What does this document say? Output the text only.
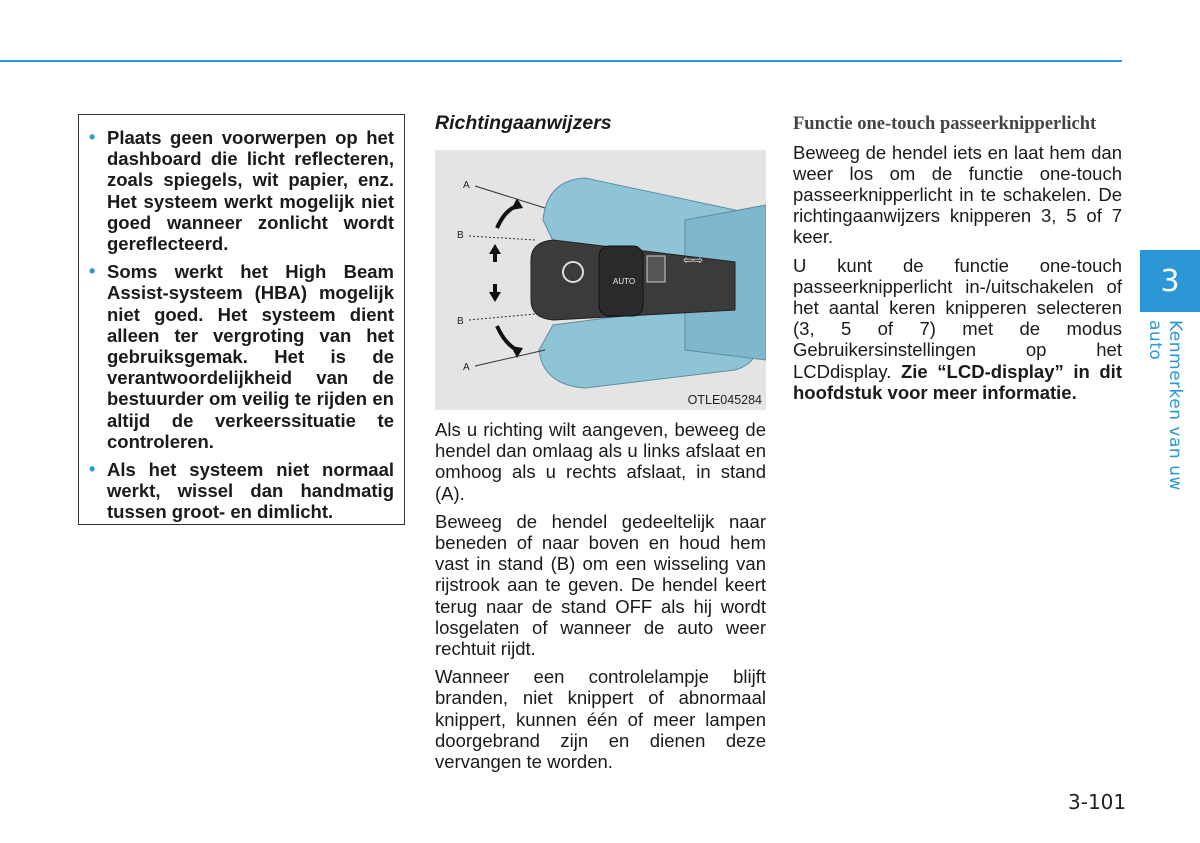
• Plaats geen voorwerpen op het dashboard die licht reflecteren, zoals spiegels, wit papier, enz. Het systeem werkt mogelijk niet goed wanneer zonlicht wordt gereflecteerd.
• Soms werkt het High Beam Assist-systeem (HBA) mogelijk niet goed. Het systeem dient alleen ter vergroting van het gebruiksgemak. Het is de verantwoordelijkheid van de bestuurder om veilig te rijden en altijd de verkeerssituatie te controleren.
• Als het systeem niet normaal werkt, wissel dan handmatig tussen groot- en dimlicht.
Richtingaanwijzers
AUTO
⇦⇨
A
B
B
A
OTLE045284

Als u richting wilt aangeven, beweeg de hendel dan omlaag als u links afslaat en omhoog als u rechts afslaat, in stand (A).

Beweeg de hendel gedeeltelijk naar beneden of naar boven en houd hem vast in stand (B) om een wisseling van rijstrook aan te geven. De hendel keert terug naar de stand OFF als hij wordt losgelaten of wanneer de auto weer rechtuit rijdt.

Wanneer een controlelampje blijft branden, niet knippert of abnormaal knippert, kunnen één of meer lampen doorgebrand zijn en dienen deze vervangen te worden.

Functie one-touch passeerknipperlicht

Beweeg de hendel iets en laat hem dan weer los om de functie one-touch passeerknipperlicht in te schakelen. De richtingaanwijzers knipperen 3, 5 of 7 keer.

U kunt de functie one-touch passeerknipperlicht in-/uitschakelen of het aantal keren knipperen selecteren (3, 5 of 7) met de modus Gebruikersinstellingen op het LCDdisplay. Zie “LCD-display” in dit hoofdstuk voor meer informatie.

3
Kenmerken van uw auto
3-101
